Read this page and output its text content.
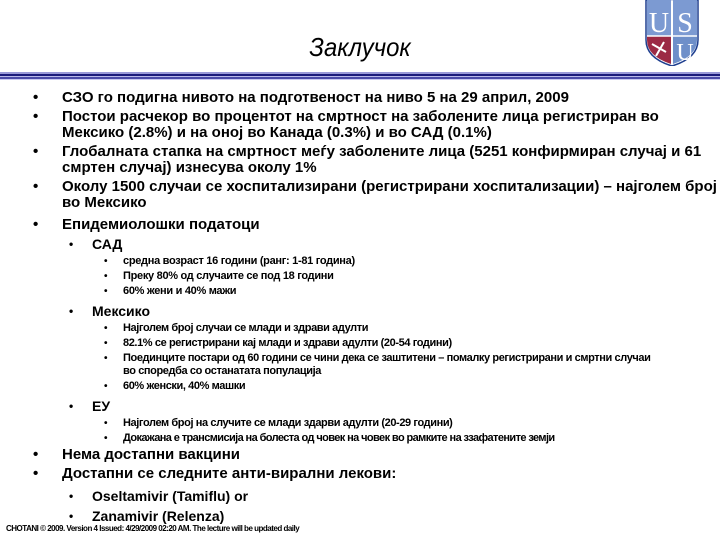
Заклучок
U S
U
• СЗО го подигна нивото на подготвеност на ниво 5 на 29 април, 2009
• Постои расчекор во процентот на смртност на заболените лица регистриран во Мексико (2.8%) и на оној во Канада (0.3%) и во САД (0.1%)
• Глобалната стапка на смртност меѓу заболените лица (5251 конфирмиран случај и 61 смртен случај) изнесува околу 1%
• Околу 1500 случаи се хоспитализирани (регистрирани хоспитализации) – најголем број во Мексико
• Епидемиолошки податоци
• САД
• средна возраст 16 години (ранг: 1-81 година)
• Преку 80% од случаите се под 18 години
• 60% жени и 40% мажи
• Мексико
• Најголем број случаи се млади и здрави адулти
• 82.1% се регистрирани кај млади и здрави адулти (20-54 години)
• Поединците постари од 60 години се чини дека се заштитени – помалку регистрирани и смртни случаи во споредба со останатата популација
• 60% женски, 40% машки
• ЕУ
• Најголем број на случите се млади здарви адулти (20-29 години)
• Докажана е трансмисија на болеста од човек на човек во рамките на ззафатените земји
• Нема достапни вакцини
• Достапни се следните анти-вирални лекови:
• Oseltamivir (Tamiflu) or
• Zanamivir (Relenza)
CHOTANI © 2009. Version 4 Issued: 4/29/2009 02:20 AM. The lecture will be updated daily
